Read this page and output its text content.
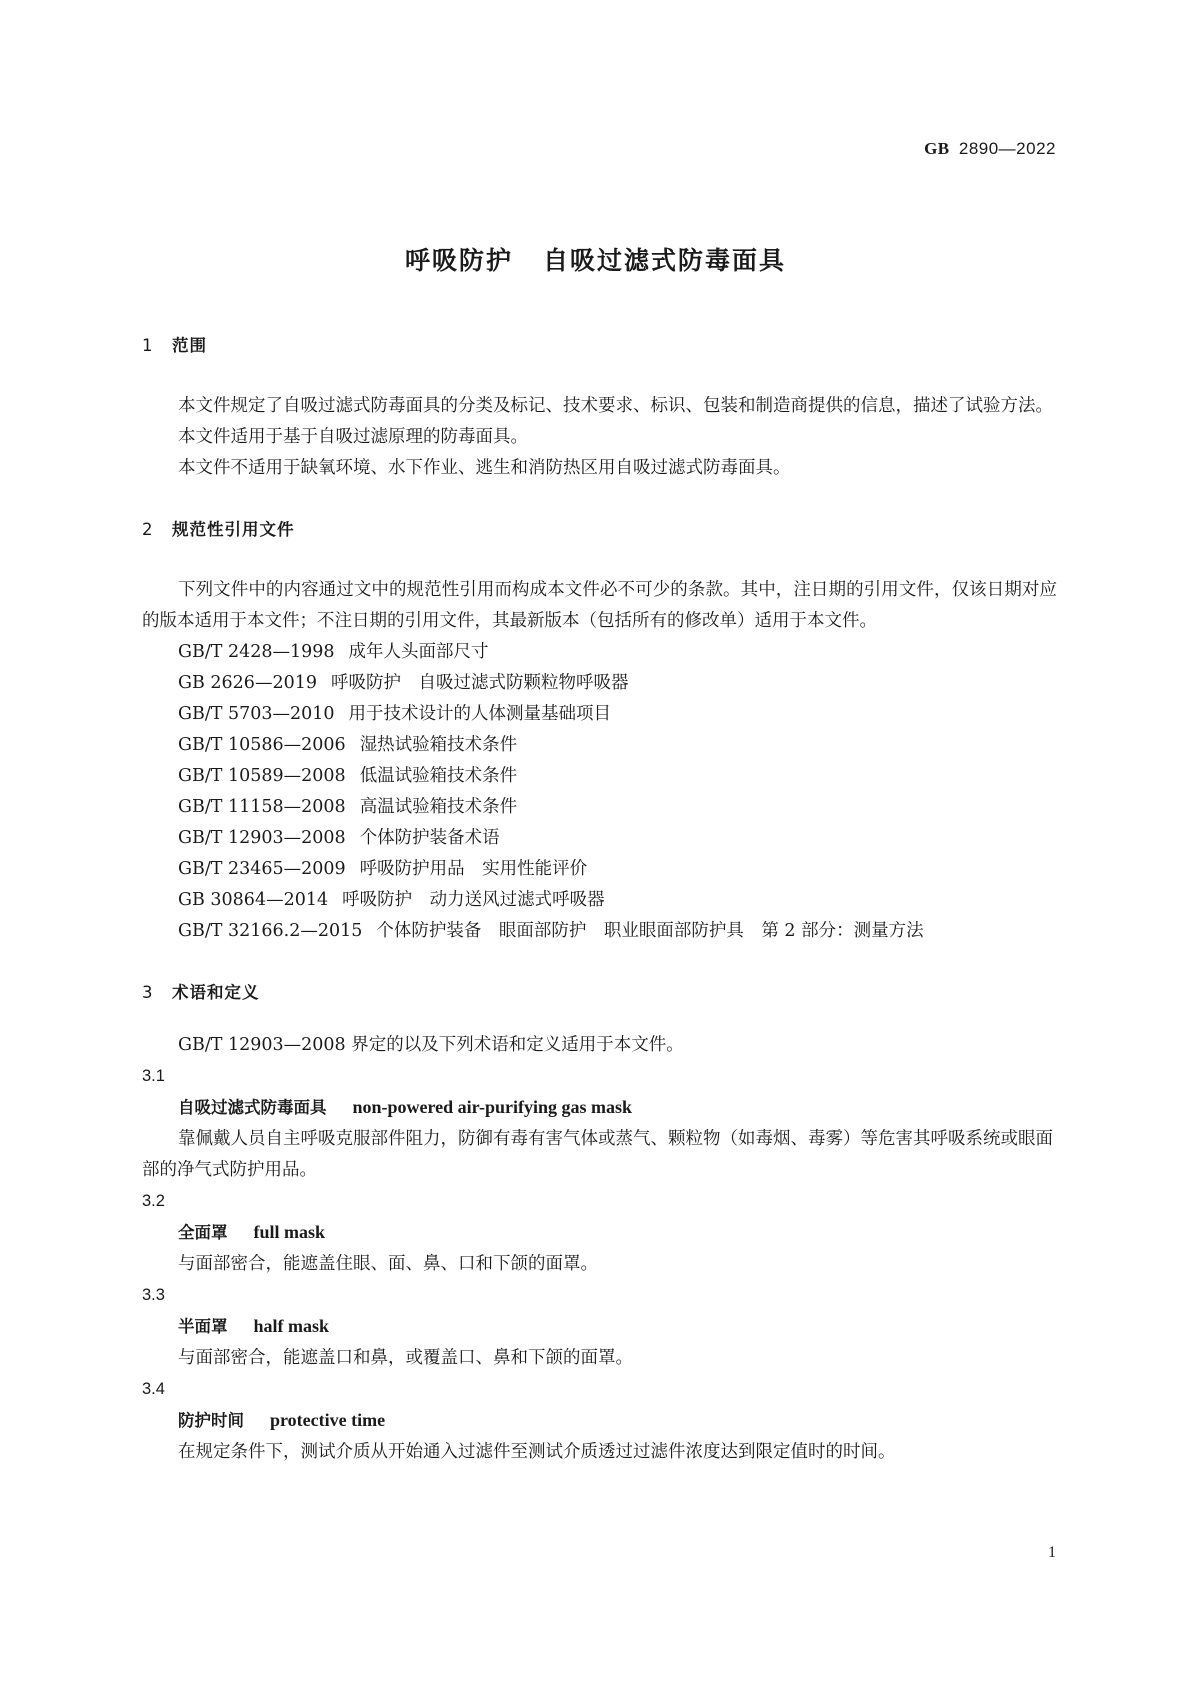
GB 2890—2022
呼吸防护 自吸过滤式防毒面具
1 范围

本文件规定了自吸过滤式防毒面具的分类及标记、技术要求、标识、包装和制造商提供的信息，描述了试验方法。

本文件适用于基于自吸过滤原理的防毒面具。

本文件不适用于缺氧环境、水下作业、逃生和消防热区用自吸过滤式防毒面具。

2 规范性引用文件

下列文件中的内容通过文中的规范性引用而构成本文件必不可少的条款。其中，注日期的引用文件，仅该日期对应的版本适用于本文件；不注日期的引用文件，其最新版本（包括所有的修改单）适用于本文件。

GB/T 2428—1998 成年人头面部尺寸
GB 2626—2019 呼吸防护　自吸过滤式防颗粒物呼吸器
GB/T 5703—2010 用于技术设计的人体测量基础项目
GB/T 10586—2006 湿热试验箱技术条件
GB/T 10589—2008 低温试验箱技术条件
GB/T 11158—2008 高温试验箱技术条件
GB/T 12903—2008 个体防护装备术语
GB/T 23465—2009 呼吸防护用品　实用性能评价
GB 30864—2014 呼吸防护　动力送风过滤式呼吸器
GB/T 32166.2—2015 个体防护装备　眼面部防护　职业眼面部防护具　第 2 部分：测量方法
3 术语和定义

GB/T 12903—2008 界定的以及下列术语和定义适用于本文件。

3.1
自吸过滤式防毒面具 non-powered air-purifying gas mask

靠佩戴人员自主呼吸克服部件阻力，防御有毒有害气体或蒸气、颗粒物（如毒烟、毒雾）等危害其呼吸系统或眼面部的净气式防护用品。

3.2
全面罩 full mask

与面部密合，能遮盖住眼、面、鼻、口和下颌的面罩。

3.3
半面罩 half mask

与面部密合，能遮盖口和鼻，或覆盖口、鼻和下颌的面罩。

3.4
防护时间 protective time

在规定条件下，测试介质从开始通入过滤件至测试介质透过过滤件浓度达到限定值时的时间。

1
